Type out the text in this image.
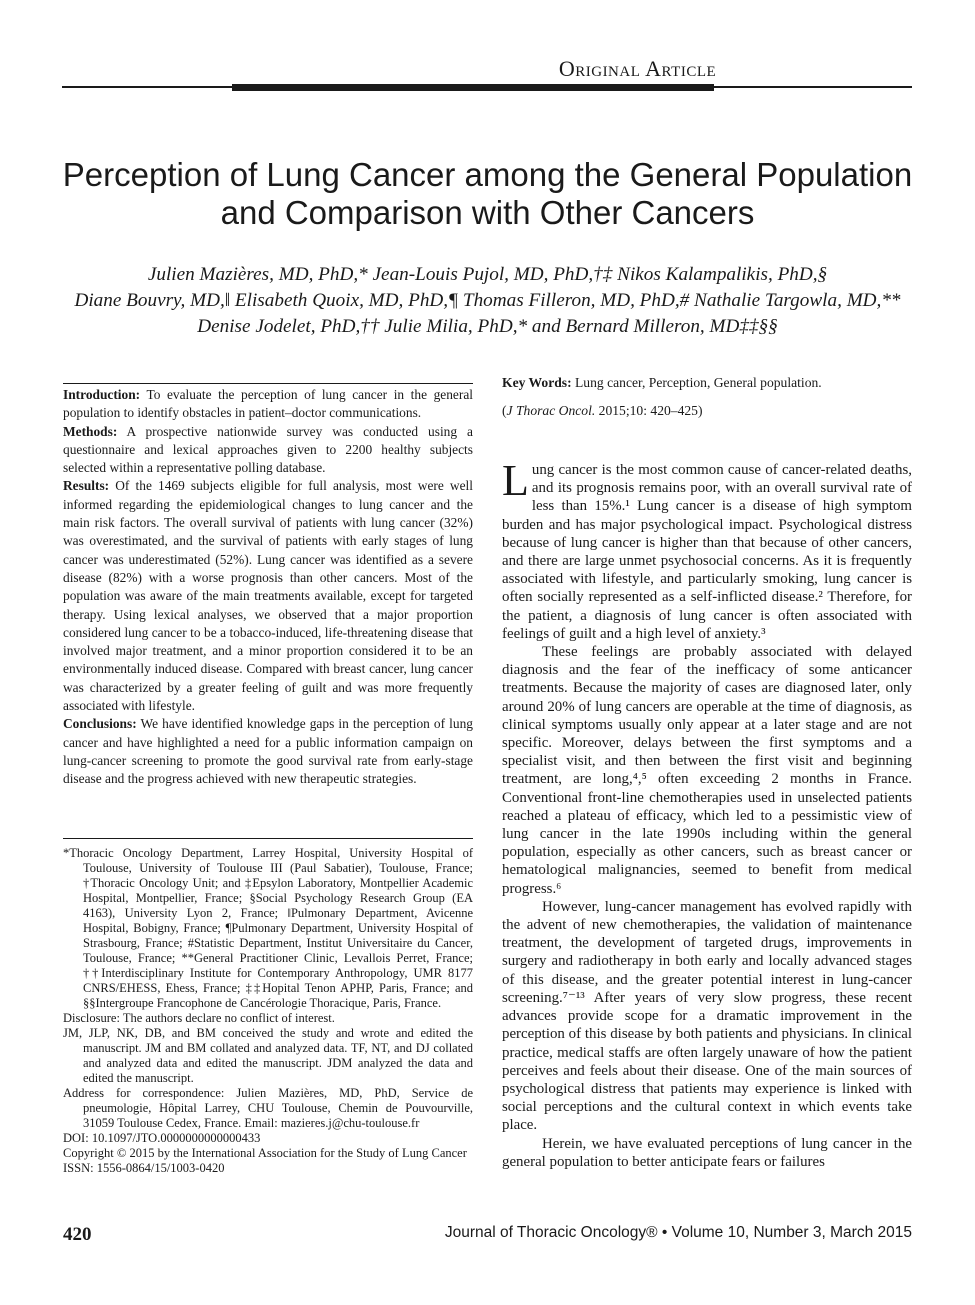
Original Article
Perception of Lung Cancer among the General Population and Comparison with Other Cancers
Julien Mazières, MD, PhD,* Jean-Louis Pujol, MD, PhD,†‡ Nikos Kalampalikis, PhD,§
Diane Bouvry, MD,‖ Elisabeth Quoix, MD, PhD,¶ Thomas Filleron, MD, PhD,# Nathalie Targowla, MD,**
Denise Jodelet, PhD,†† Julie Milia, PhD,* and Bernard Milleron, MD‡‡§§

Introduction: To evaluate the perception of lung cancer in the general population to identify obstacles in patient–doctor communications.

Methods: A prospective nationwide survey was conducted using a questionnaire and lexical approaches given to 2200 healthy subjects selected within a representative polling database.

Results: Of the 1469 subjects eligible for full analysis, most were well informed regarding the epidemiological changes to lung cancer and the main risk factors. The overall survival of patients with lung cancer (32%) was overestimated, and the survival of patients with early stages of lung cancer was underestimated (52%). Lung cancer was identified as a severe disease (82%) with a worse prognosis than other cancers. Most of the population was aware of the main treatments available, except for targeted therapy. Using lexical analyses, we observed that a major proportion considered lung cancer to be a tobacco-induced, life-threatening disease that involved major treatment, and a minor proportion considered it to be an environmentally induced disease. Compared with breast cancer, lung cancer was characterized by a greater feeling of guilt and was more frequently associated with lifestyle.

Conclusions: We have identified knowledge gaps in the perception of lung cancer and have highlighted a need for a public information campaign on lung-cancer screening to promote the good survival rate from early-stage disease and the progress achieved with new therapeutic strategies.

*Thoracic Oncology Department, Larrey Hospital, University Hospital of Toulouse, University of Toulouse III (Paul Sabatier), Toulouse, France; †Thoracic Oncology Unit; and ‡Epsylon Laboratory, Montpellier Academic Hospital, Montpellier, France; §Social Psychology Research Group (EA 4163), University Lyon 2, France; ‖Pulmonary Department, Avicenne Hospital, Bobigny, France; ¶Pulmonary Department, University Hospital of Strasbourg, France; #Statistic Department, Institut Universitaire du Cancer, Toulouse, France; **General Practitioner Clinic, Levallois Perret, France; ††Interdisciplinary Institute for Contemporary Anthropology, UMR 8177 CNRS/EHESS, Ehess, France; ‡‡Hopital Tenon APHP, Paris, France; and §§Intergroupe Francophone de Cancérologie Thoracique, Paris, France.

Disclosure: The authors declare no conflict of interest.

JM, JLP, NK, DB, and BM conceived the study and wrote and edited the manuscript. JM and BM collated and analyzed data. TF, NT, and DJ collated and analyzed data and edited the manuscript. JDM analyzed the data and edited the manuscript.

Address for correspondence: Julien Mazières, MD, PhD, Service de pneumologie, Hôpital Larrey, CHU Toulouse, Chemin de Pouvourville, 31059 Toulouse Cedex, France. Email: mazieres.j@chu-toulouse.fr

DOI: 10.1097/JTO.0000000000000433

Copyright © 2015 by the International Association for the Study of Lung Cancer

ISSN: 1556-0864/15/1003-0420

Key Words: Lung cancer, Perception, General population.

(J Thorac Oncol. 2015;10: 420–425)

Lung cancer is the most common cause of cancer-related deaths, and its prognosis remains poor, with an overall survival rate of less than 15%.¹ Lung cancer is a disease of high symptom burden and has major psychological impact. Psychological distress because of lung cancer is higher than that because of other cancers, and there are large unmet psychosocial concerns. As it is frequently associated with lifestyle, and particularly smoking, lung cancer is often socially represented as a self-inflicted disease.² Therefore, for the patient, a diagnosis of lung cancer is often associated with feelings of guilt and a high level of anxiety.³

These feelings are probably associated with delayed diagnosis and the fear of the inefficacy of some anticancer treatments. Because the majority of cases are diagnosed later, only around 20% of lung cancers are operable at the time of diagnosis, as clinical symptoms usually only appear at a later stage and are not specific. Moreover, delays between the first symptoms and a specialist visit, and then between the first visit and beginning treatment, are long,⁴,⁵ often exceeding 2 months in France. Conventional front-line chemotherapies used in unselected patients reached a plateau of efficacy, which led to a pessimistic view of lung cancer in the late 1990s including within the general population, especially as other cancers, such as breast cancer or hematological malignancies, seemed to benefit from medical progress.⁶

However, lung-cancer management has evolved rapidly with the advent of new chemotherapies, the validation of maintenance treatment, the development of targeted drugs, improvements in surgery and radiotherapy in both early and locally advanced stages of this disease, and the greater potential interest in lung-cancer screening.⁷⁻¹³ After years of very slow progress, these recent advances provide scope for a dramatic improvement in the perception of this disease by both patients and physicians. In clinical practice, medical staffs are often largely unaware of how the patient perceives and feels about their disease. One of the main sources of psychological distress that patients may experience is linked with social perceptions and the cultural context in which events take place.

Herein, we have evaluated perceptions of lung cancer in the general population to better anticipate fears or failures

420	Journal of Thoracic Oncology® • Volume 10, Number 3, March 2015
